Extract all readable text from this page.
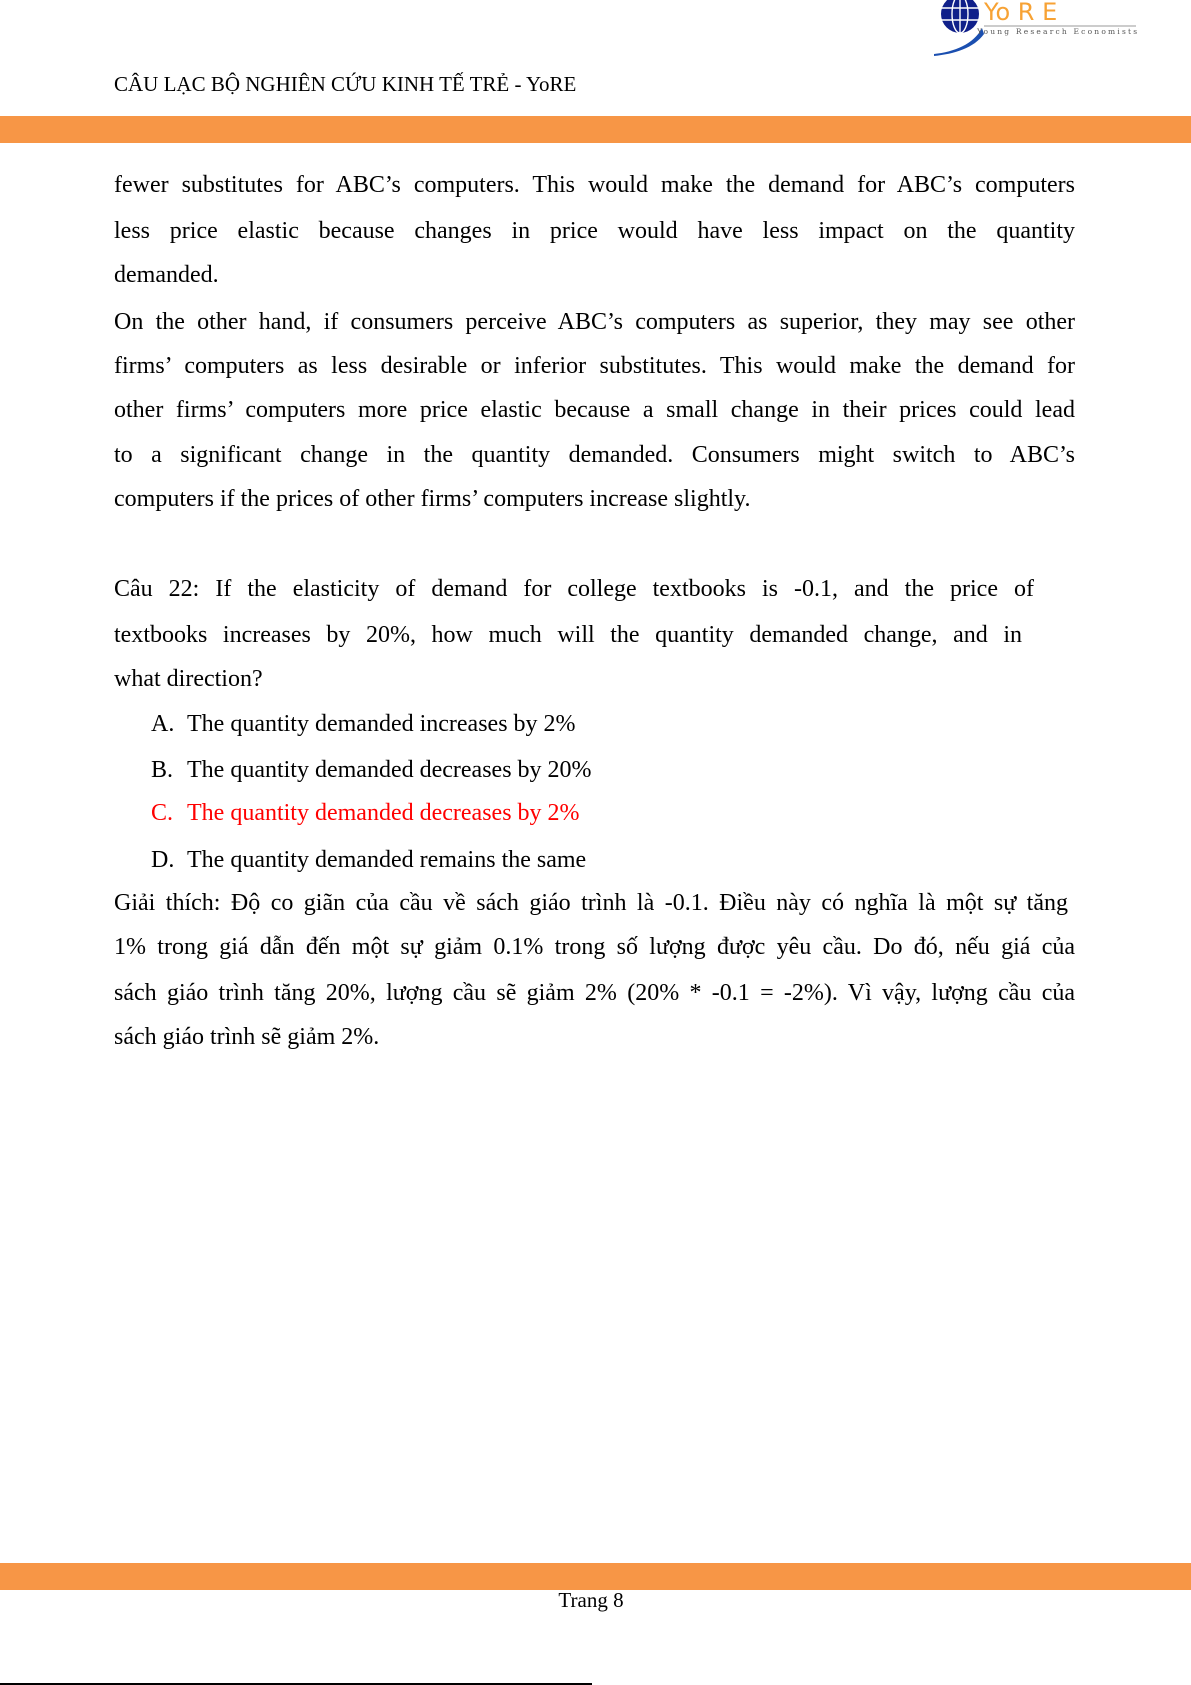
Yo R E
Young Research Economists
CÂU LẠC BỘ NGHIÊN CỨU KINH TẾ TRẺ - YoRE
fewer substitutes for ABC’s computers. This would make the demand for ABC’s computers
less price elastic because changes in price would have less impact on the quantity
demanded.
On the other hand, if consumers perceive ABC’s computers as superior, they may see other
firms’ computers as less desirable or inferior substitutes. This would make the demand for
other firms’ computers more price elastic because a small change in their prices could lead
to a significant change in the quantity demanded. Consumers might switch to ABC’s
computers if the prices of other firms’ computers increase slightly.
Câu 22: If the elasticity of demand for college textbooks is -0.1, and the price of
textbooks increases by 20%, how much will the quantity demanded change, and in
what direction?
A. The quantity demanded increases by 2%
B. The quantity demanded decreases by 20%
C. The quantity demanded decreases by 2%
D. The quantity demanded remains the same
Giải thích: Độ co giãn của cầu về sách giáo trình là -0.1. Điều này có nghĩa là một sự tăng
1% trong giá dẫn đến một sự giảm 0.1% trong số lượng được yêu cầu. Do đó, nếu giá của
sách giáo trình tăng 20%, lượng cầu sẽ giảm 2% (20% * -0.1 = -2%). Vì vậy, lượng cầu của
sách giáo trình sẽ giảm 2%.
Trang 8
